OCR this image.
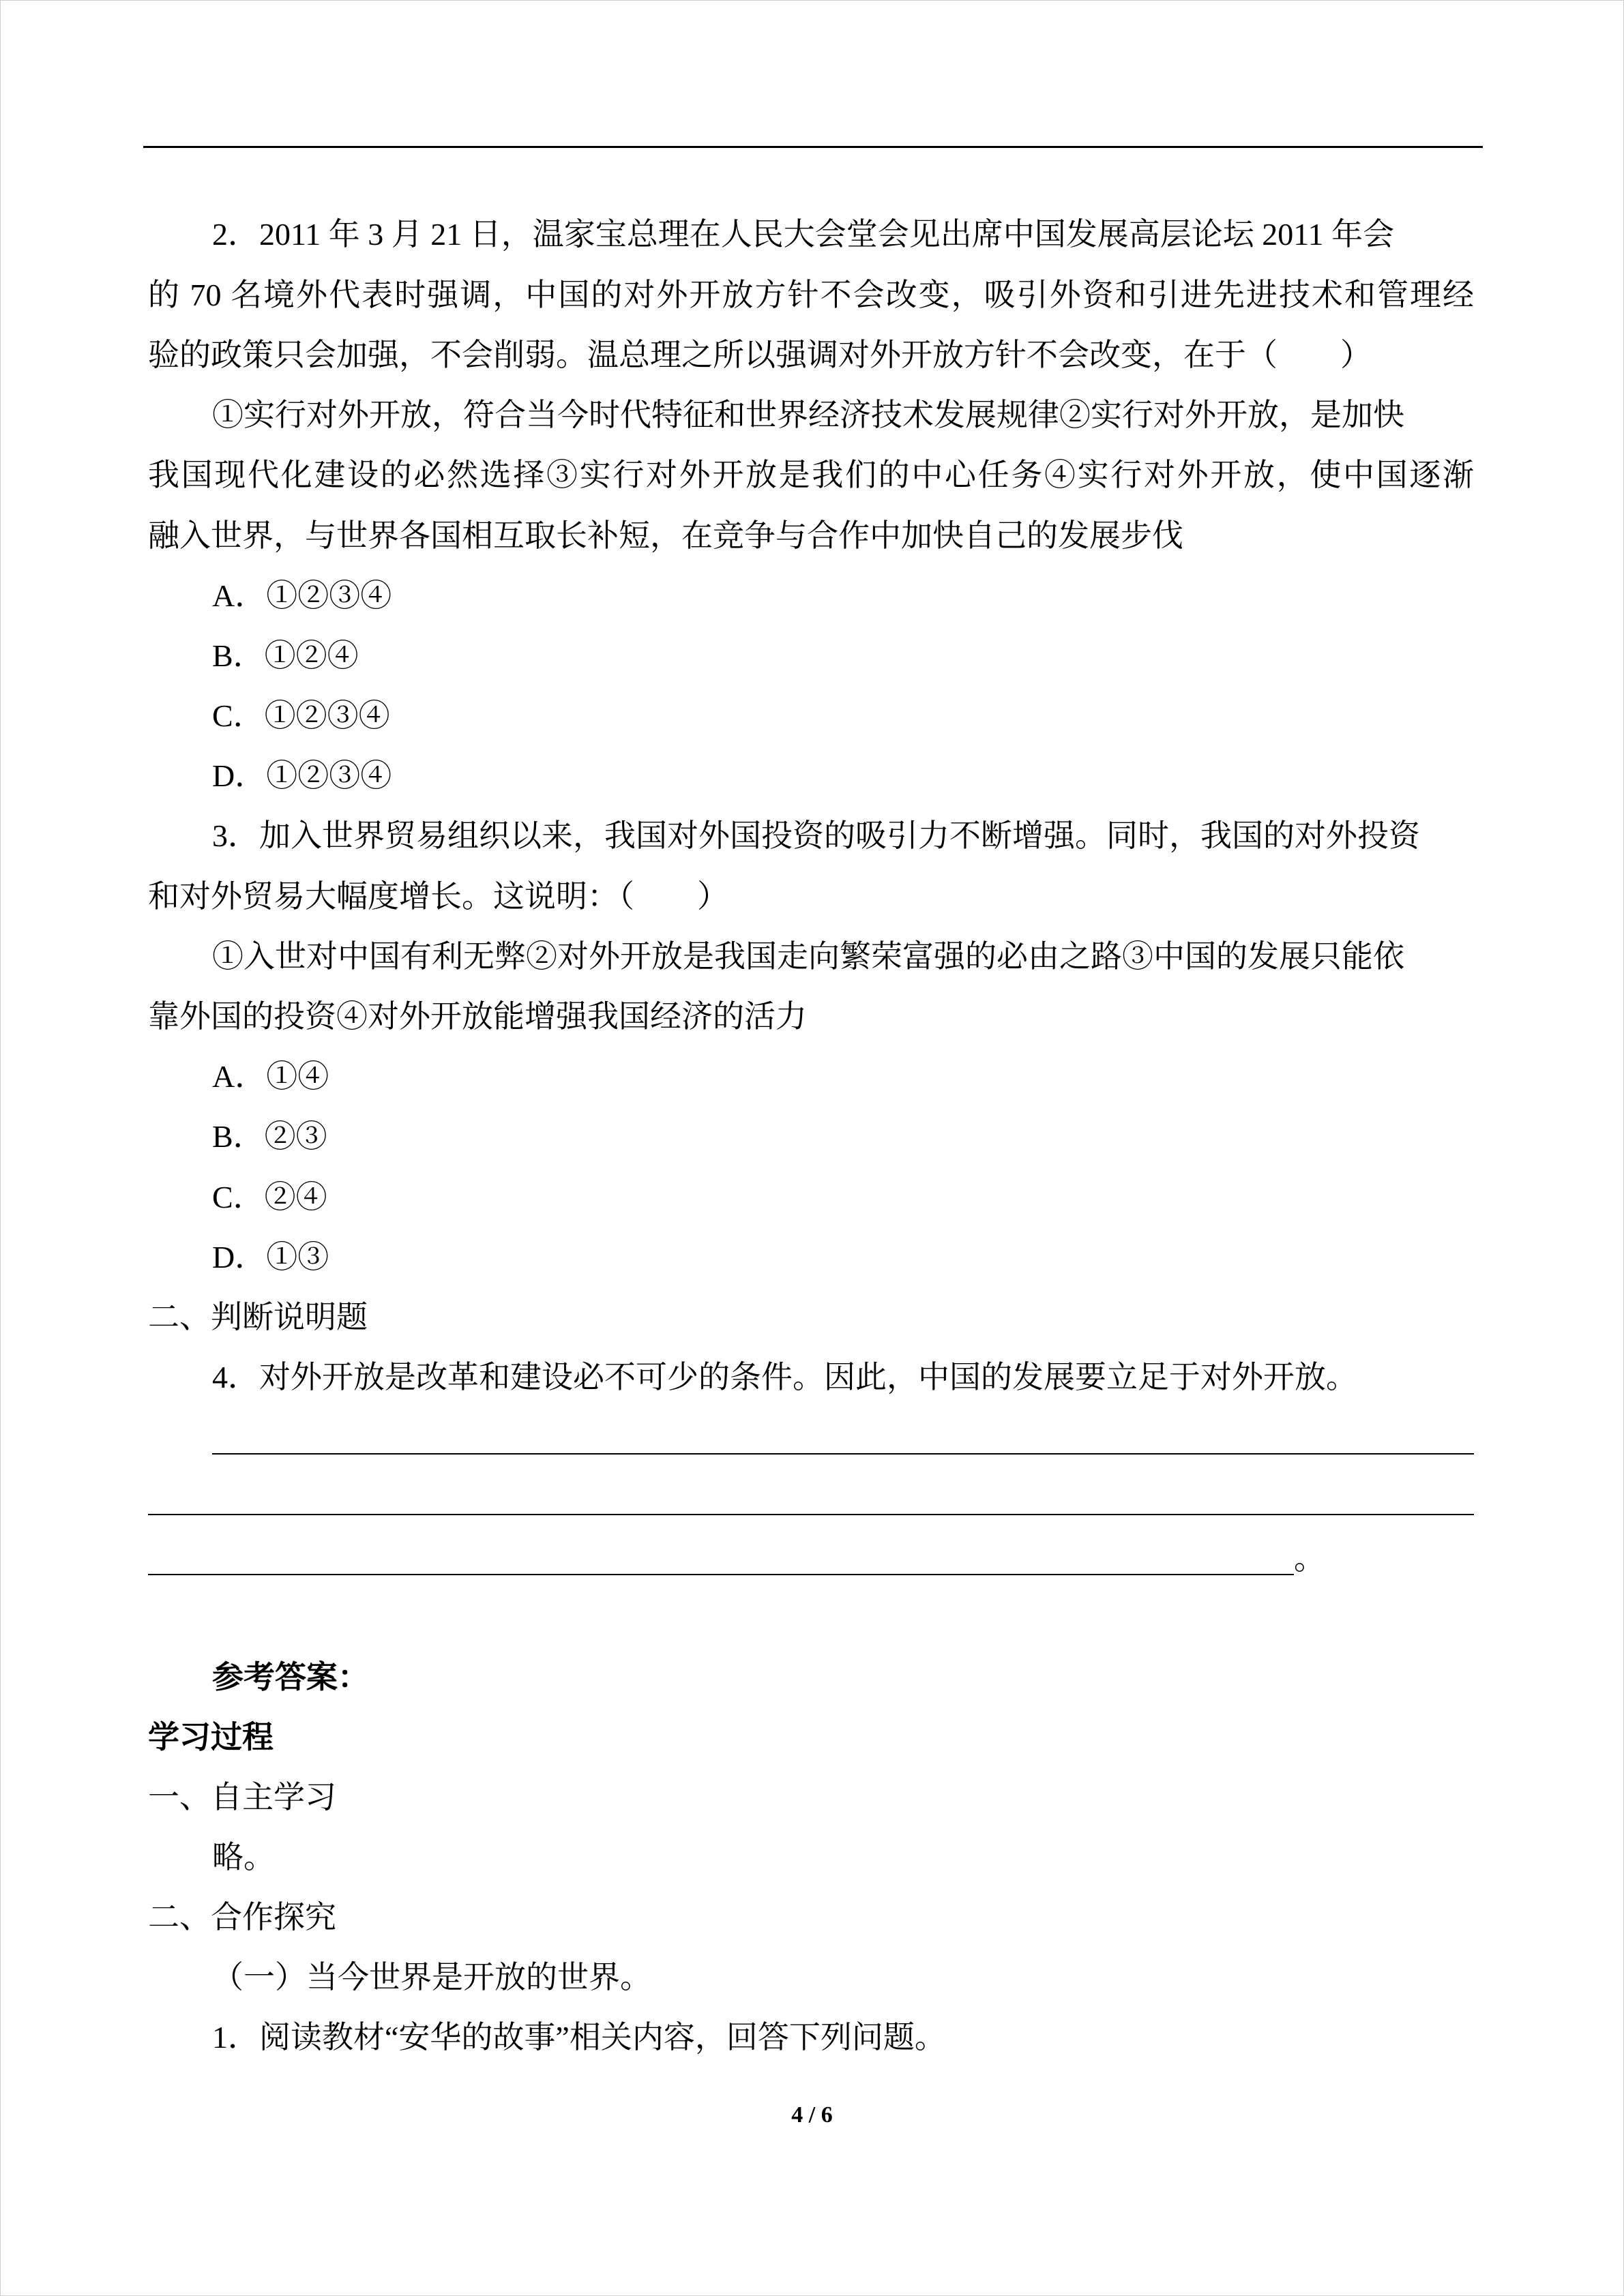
2．2011 年 3 月 21 日，温家宝总理在人民大会堂会见出席中国发展高层论坛 2011 年会
的 70 名境外代表时强调，中国的对外开放方针不会改变，吸引外资和引进先进技术和管理经
验的政策只会加强，不会削弱。温总理之所以强调对外开放方针不会改变，在于（　　）
①实行对外开放，符合当今时代特征和世界经济技术发展规律②实行对外开放，是加快
我国现代化建设的必然选择③实行对外开放是我们的中心任务④实行对外开放，使中国逐渐
融入世界，与世界各国相互取长补短，在竞争与合作中加快自己的发展步伐
A．①②③④
B．①②④
C．①②③④
D．①②③④
3．加入世界贸易组织以来，我国对外国投资的吸引力不断增强。同时，我国的对外投资
和对外贸易大幅度增长。这说明：（　　）
①入世对中国有利无弊②对外开放是我国走向繁荣富强的必由之路③中国的发展只能依
靠外国的投资④对外开放能增强我国经济的活力
A．①④
B．②③
C．②④
D．①③
二、判断说明题
4．对外开放是改革和建设必不可少的条件。因此，中国的发展要立足于对外开放。
。
参考答案：
学习过程
一、自主学习
略。
二、合作探究
（一）当今世界是开放的世界。
1．阅读教材“安华的故事”相关内容，回答下列问题。
4 / 6
